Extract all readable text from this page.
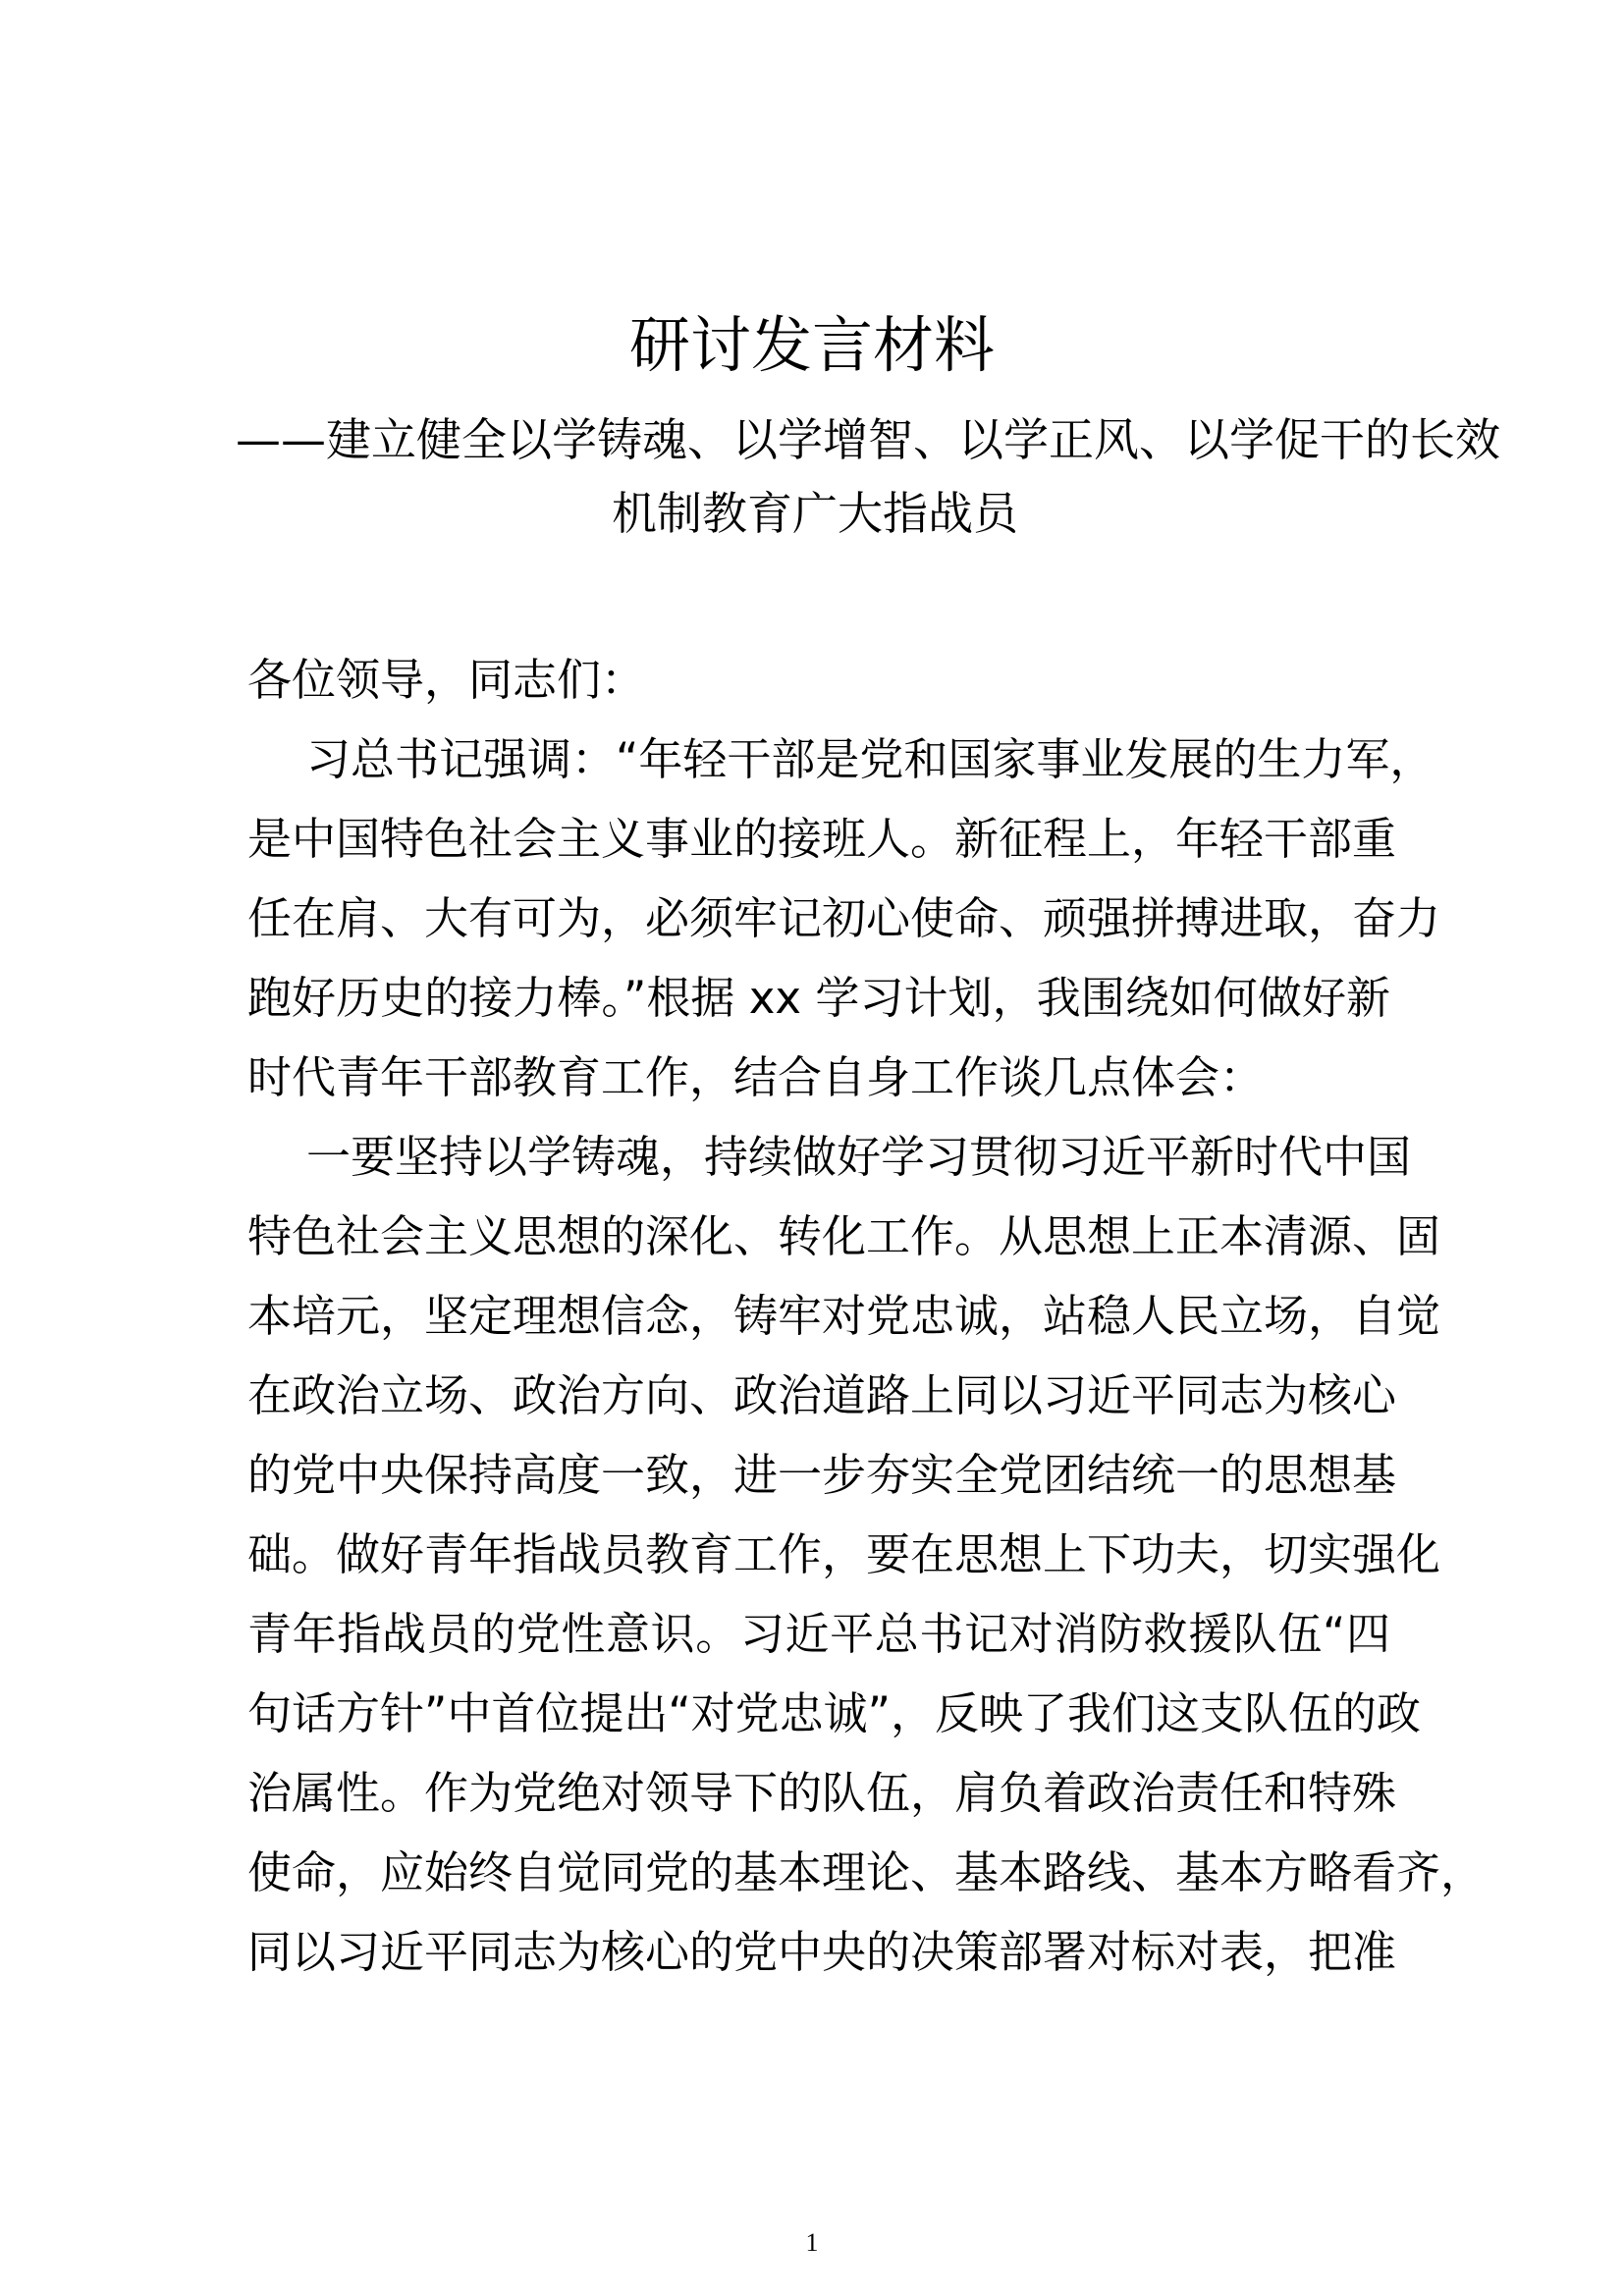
研讨发言材料
——建立健全以学铸魂、以学增智、以学正风、以学促干的长效
机制教育广大指战员
各位领导，同志们：
习总书记强调：“年轻干部是党和国家事业发展的生力军，
是中国特色社会主义事业的接班人。新征程上，年轻干部重
任在肩、大有可为，必须牢记初心使命、顽强拼搏进取，奋力
跑好历史的接力棒。”根据 xx 学习计划，我围绕如何做好新
时代青年干部教育工作，结合自身工作谈几点体会：
一要坚持以学铸魂，持续做好学习贯彻习近平新时代中国
特色社会主义思想的深化、转化工作。从思想上正本清源、固
本培元，坚定理想信念，铸牢对党忠诚，站稳人民立场，自觉
在政治立场、政治方向、政治道路上同以习近平同志为核心
的党中央保持高度一致，进一步夯实全党团结统一的思想基
础。做好青年指战员教育工作，要在思想上下功夫，切实强化
青年指战员的党性意识。习近平总书记对消防救援队伍“四
句话方针”中首位提出“对党忠诚”，反映了我们这支队伍的政
治属性。作为党绝对领导下的队伍，肩负着政治责任和特殊
使命，应始终自觉同党的基本理论、基本路线、基本方略看齐，
同以习近平同志为核心的党中央的决策部署对标对表，把准
1
